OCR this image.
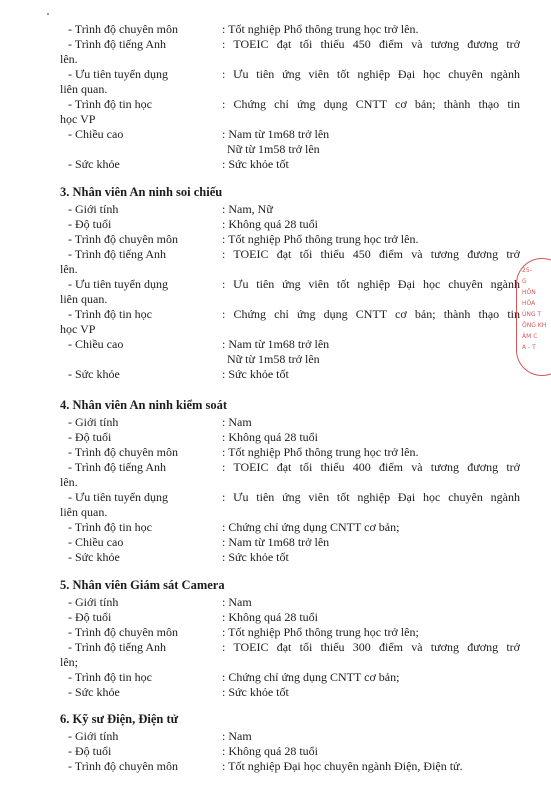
- Trình độ chuyên môn	: Tốt nghiệp Phổ thông trung học trở lên.
- Trình độ tiếng Anh	: TOEIC đạt tối thiểu 450 điểm và tương đương trở
lên.
- Ưu tiên tuyển dụng	: Ưu tiên ứng viên tốt nghiệp Đại học chuyên ngành
liên quan.
- Trình độ tin học	: Chứng chỉ ứng dụng CNTT cơ bản; thành thạo tin
học VP
- Chiều cao	: Nam từ 1m68 trở lên
Nữ từ 1m58 trở lên
- Sức khỏe	: Sức khỏe tốt
3. Nhân viên An ninh soi chiếu
- Giới tính	: Nam, Nữ
- Độ tuổi	: Không quá 28 tuổi
- Trình độ chuyên môn	: Tốt nghiệp Phổ thông trung học trở lên.
- Trình độ tiếng Anh	: TOEIC đạt tối thiểu 450 điểm và tương đương trở
lên.
- Ưu tiên tuyển dụng	: Ưu tiên ứng viên tốt nghiệp Đại học chuyên ngành
liên quan.
- Trình độ tin học	: Chứng chỉ ứng dụng CNTT cơ bản; thành thạo tin
học VP
- Chiều cao	: Nam từ 1m68 trở lên
Nữ từ 1m58 trở lên
- Sức khỏe	: Sức khỏe tốt
4. Nhân viên An ninh kiểm soát
- Giới tính	: Nam
- Độ tuổi	: Không quá 28 tuổi
- Trình độ chuyên môn	: Tốt nghiệp Phổ thông trung học trở lên.
- Trình độ tiếng Anh	: TOEIC đạt tối thiểu 400 điểm và tương đương trở
lên.
- Ưu tiên tuyển dụng	: Ưu tiên ứng viên tốt nghiệp Đại học chuyên ngành
liên quan.
- Trình độ tin học	: Chứng chỉ ứng dụng CNTT cơ bản;
- Chiều cao	: Nam từ 1m68 trở lên
- Sức khỏe	: Sức khỏe tốt
5. Nhân viên Giám sát Camera
- Giới tính	: Nam
- Độ tuổi	: Không quá 28 tuổi
- Trình độ chuyên môn	: Tốt nghiệp Phổ thông trung học trở lên;
- Trình độ tiếng Anh	: TOEIC đạt tối thiểu 300 điểm và tương đương trở
lên;
- Trình độ tin học	: Chứng chỉ ứng dụng CNTT cơ bản;
- Sức khỏe	: Sức khỏe tốt
6. Kỹ sư Điện, Điện tử
- Giới tính	: Nam
- Độ tuổi	: Không quá 28 tuổi
- Trình độ chuyên môn	: Tốt nghiệp Đại học chuyên ngành Điện, Điện tử.
25-
G
HÔN
HÓA
ÙNG T
ÔNG KH
ÀM C
A - T
